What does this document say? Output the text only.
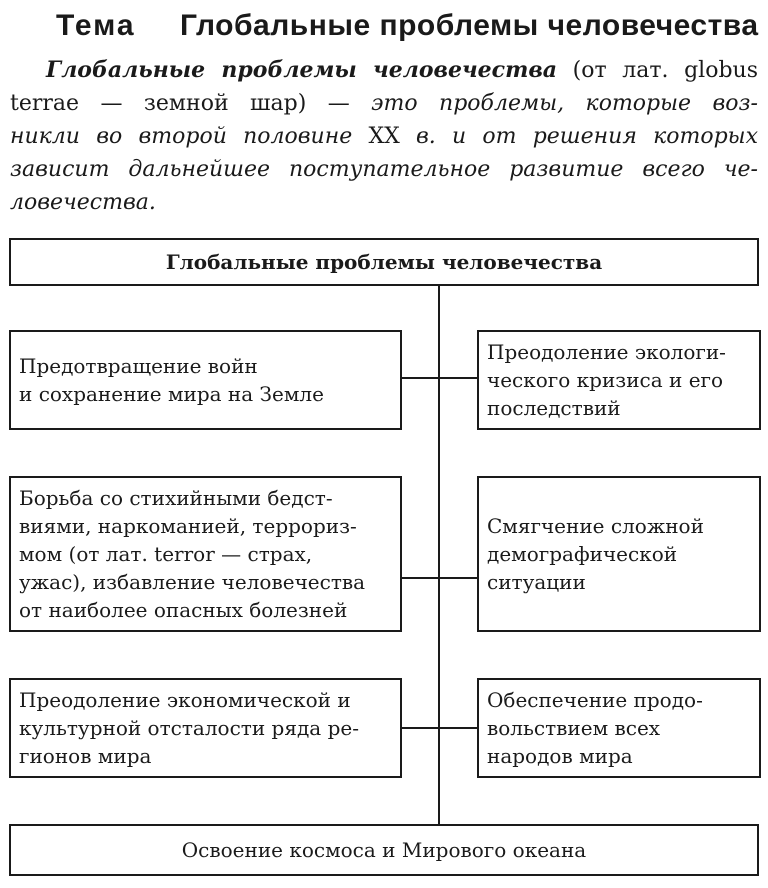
Тема Глобальные проблемы человечества
Глобальные проблемы человечества (от лат. globus
terrae — земной шар) — это проблемы, которые воз-
никли во второй половине XX в. и от решения которых
зависит дальнейшее поступательное развитие всего че-
ловечества.
Глобальные проблемы человечества
Предотвращение войн
и сохранение мира на Земле
Борьба со стихийными бедст-
виями, наркоманией, террориз‑
мом (от лат. terror — страх,
ужас), избавление человечества
от наиболее опасных болезней
Преодоление экономической и
культурной отсталости ряда ре-
гионов мира
Преодоление экологи-
ческого кризиса и его
последствий
Смягчение сложной
демографической
ситуации
Обеспечение продо-
вольствием всех
народов мира
Освоение космоса и Мирового океана
